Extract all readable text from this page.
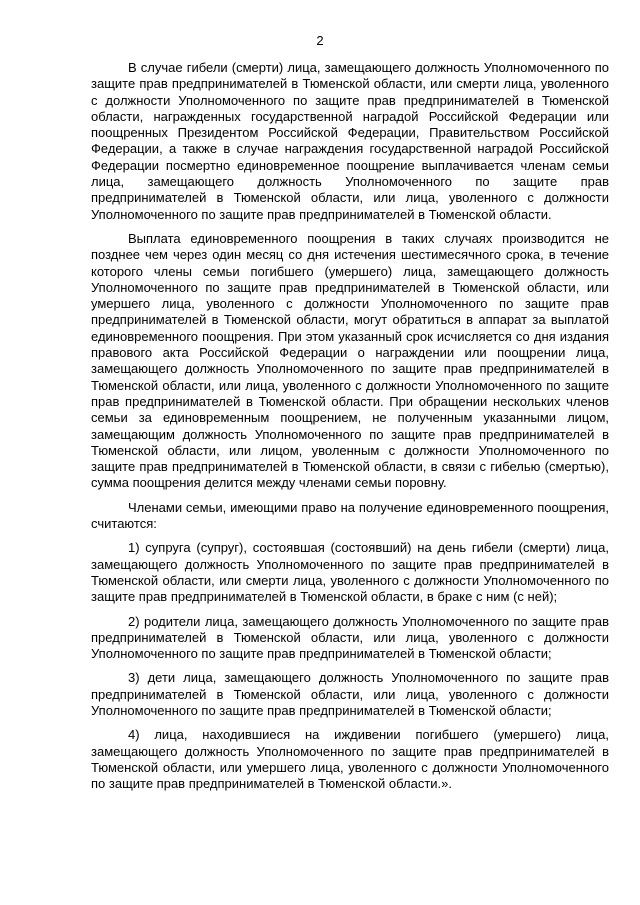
2

В случае гибели (смерти) лица, замещающего должность Уполномоченного по защите прав предпринимателей в Тюменской области, или смерти лица, уволенного с должности Уполномоченного по защите прав предпринимателей в Тюменской области, награжденных государственной наградой Российской Федерации или поощренных Президентом Российской Федерации, Правительством Российской Федерации, а также в случае награждения государственной наградой Российской Федерации посмертно единовременное поощрение выплачивается членам семьи лица, замещающего должность Уполномоченного по защите прав предпринимателей в Тюменской области, или лица, уволенного с должности Уполномоченного по защите прав предпринимателей в Тюменской области.

Выплата единовременного поощрения в таких случаях производится не позднее чем через один месяц со дня истечения шестимесячного срока, в течение которого члены семьи погибшего (умершего) лица, замещающего должность Уполномоченного по защите прав предпринимателей в Тюменской области, или умершего лица, уволенного с должности Уполномоченного по защите прав предпринимателей в Тюменской области, могут обратиться в аппарат за выплатой единовременного поощрения. При этом указанный срок исчисляется со дня издания правового акта Российской Федерации о награждении или поощрении лица, замещающего должность Уполномоченного по защите прав предпринимателей в Тюменской области, или лица, уволенного с должности Уполномоченного по защите прав предпринимателей в Тюменской области. При обращении нескольких членов семьи за единовременным поощрением, не полученным указанными лицом, замещающим должность Уполномоченного по защите прав предпринимателей в Тюменской области, или лицом, уволенным с должности Уполномоченного по защите прав предпринимателей в Тюменской области, в связи с гибелью (смертью), сумма поощрения делится между членами семьи поровну.

Членами семьи, имеющими право на получение единовременного поощрения, считаются:

1) супруга (супруг), состоявшая (состоявший) на день гибели (смерти) лица, замещающего должность Уполномоченного по защите прав предпринимателей в Тюменской области, или смерти лица, уволенного с должности Уполномоченного по защите прав предпринимателей в Тюменской области, в браке с ним (с ней);

2) родители лица, замещающего должность Уполномоченного по защите прав предпринимателей в Тюменской области, или лица, уволенного с должности Уполномоченного по защите прав предпринимателей в Тюменской области;

3) дети лица, замещающего должность Уполномоченного по защите прав предпринимателей в Тюменской области, или лица, уволенного с должности Уполномоченного по защите прав предпринимателей в Тюменской области;

4) лица, находившиеся на иждивении погибшего (умершего) лица, замещающего должность Уполномоченного по защите прав предпринимателей в Тюменской области, или умершего лица, уволенного с должности Уполномоченного по защите прав предпринимателей в Тюменской области.».
